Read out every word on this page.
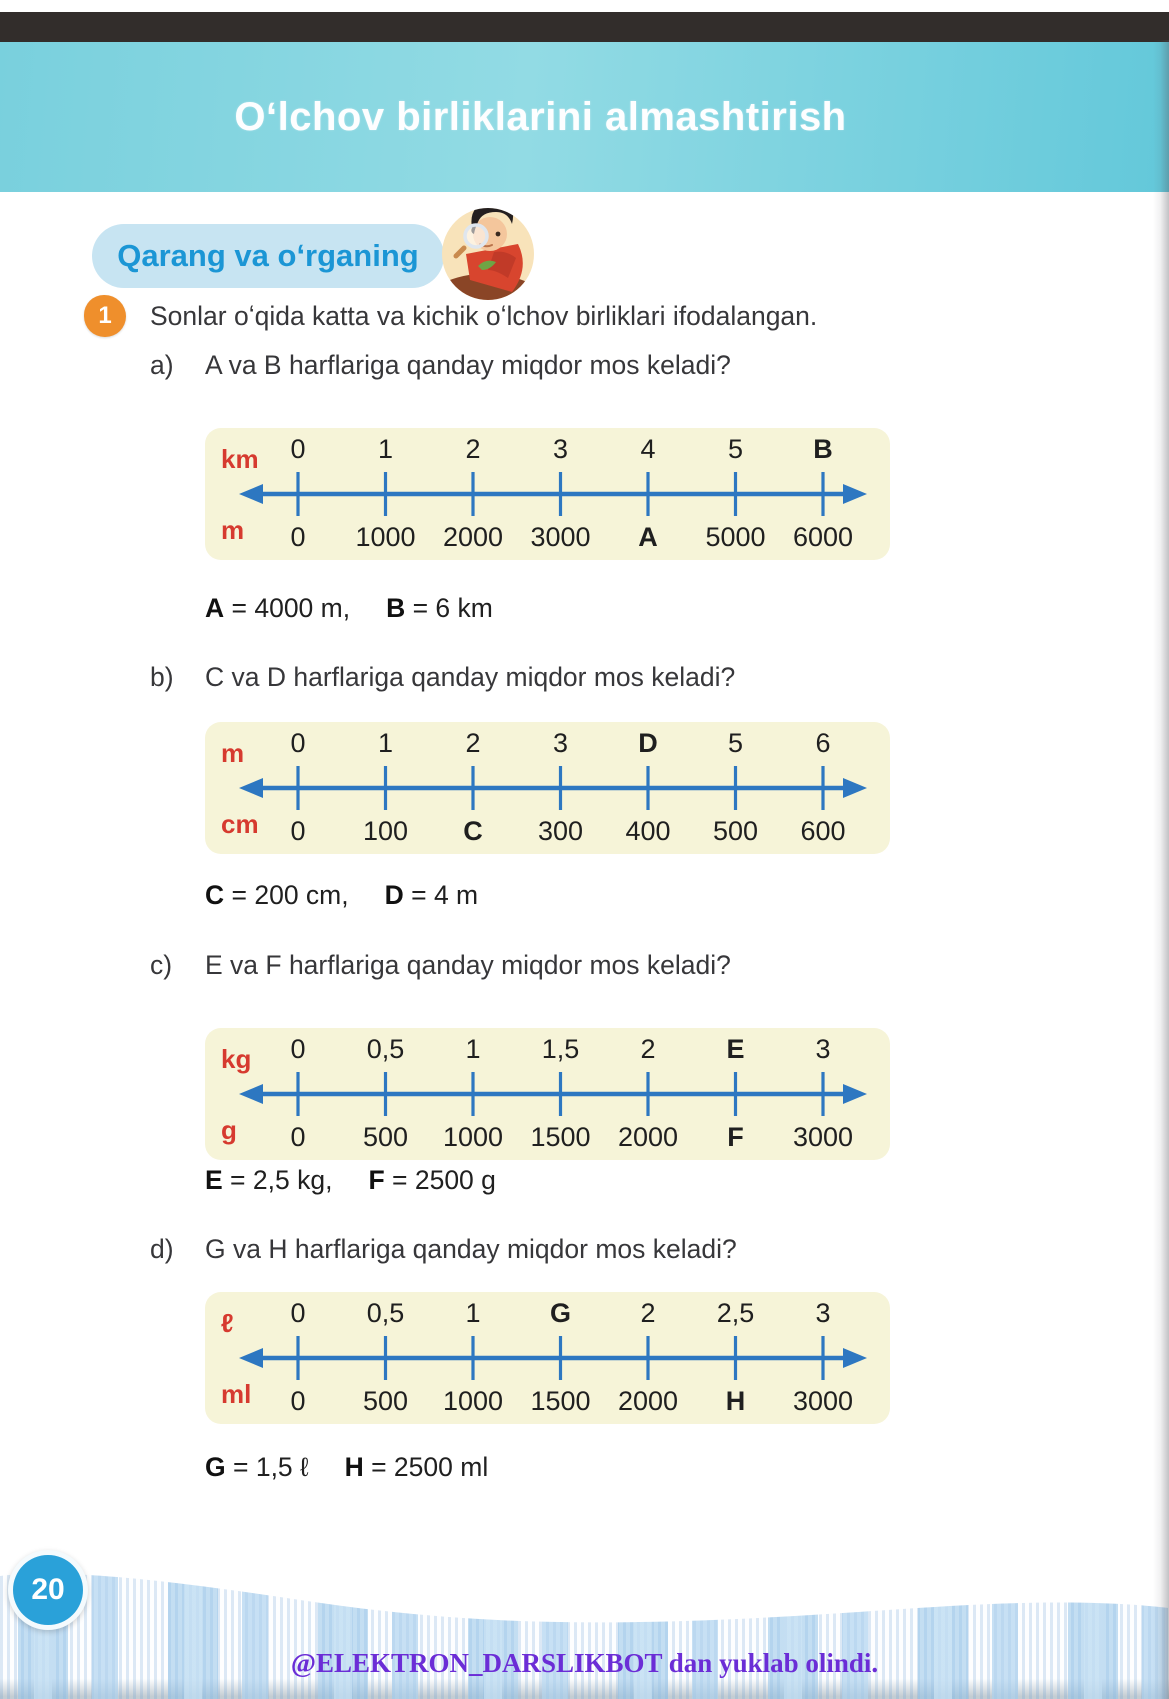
Oʻlchov birliklarini almashtirish
Qarang va oʻrganing
1	Sonlar oʻqida katta va kichik oʻlchov birliklari ifodalangan.
a) A va B harflariga qanday miqdor mos keladi?
km
m
0	1	2	3	4	5	B
0 1000 2000 3000 A 5000 6000
A = 4000 m, B = 6 km
b) C va D harflariga qanday miqdor mos keladi?
m
cm
0	1	2	3	D	5	6
0 100 C 300 400 500 600
C = 200 cm, D = 4 m
c) E va F harflariga qanday miqdor mos keladi?
kg
g
0 0,5 1 1,5 2	E	3
0 500 1000 1500 2000 F 3000
E = 2,5 kg, F = 2500 g
d) G va H harflariga qanday miqdor mos keladi?
ℓ
ml
0 0,5 1	G	2 2,5 3
0 500 1000 1500 2000 H 3000
G = 1,5 ℓ H = 2500 ml
20
@ELEKTRON_DARSLIKBOT dan yuklab olindi.
